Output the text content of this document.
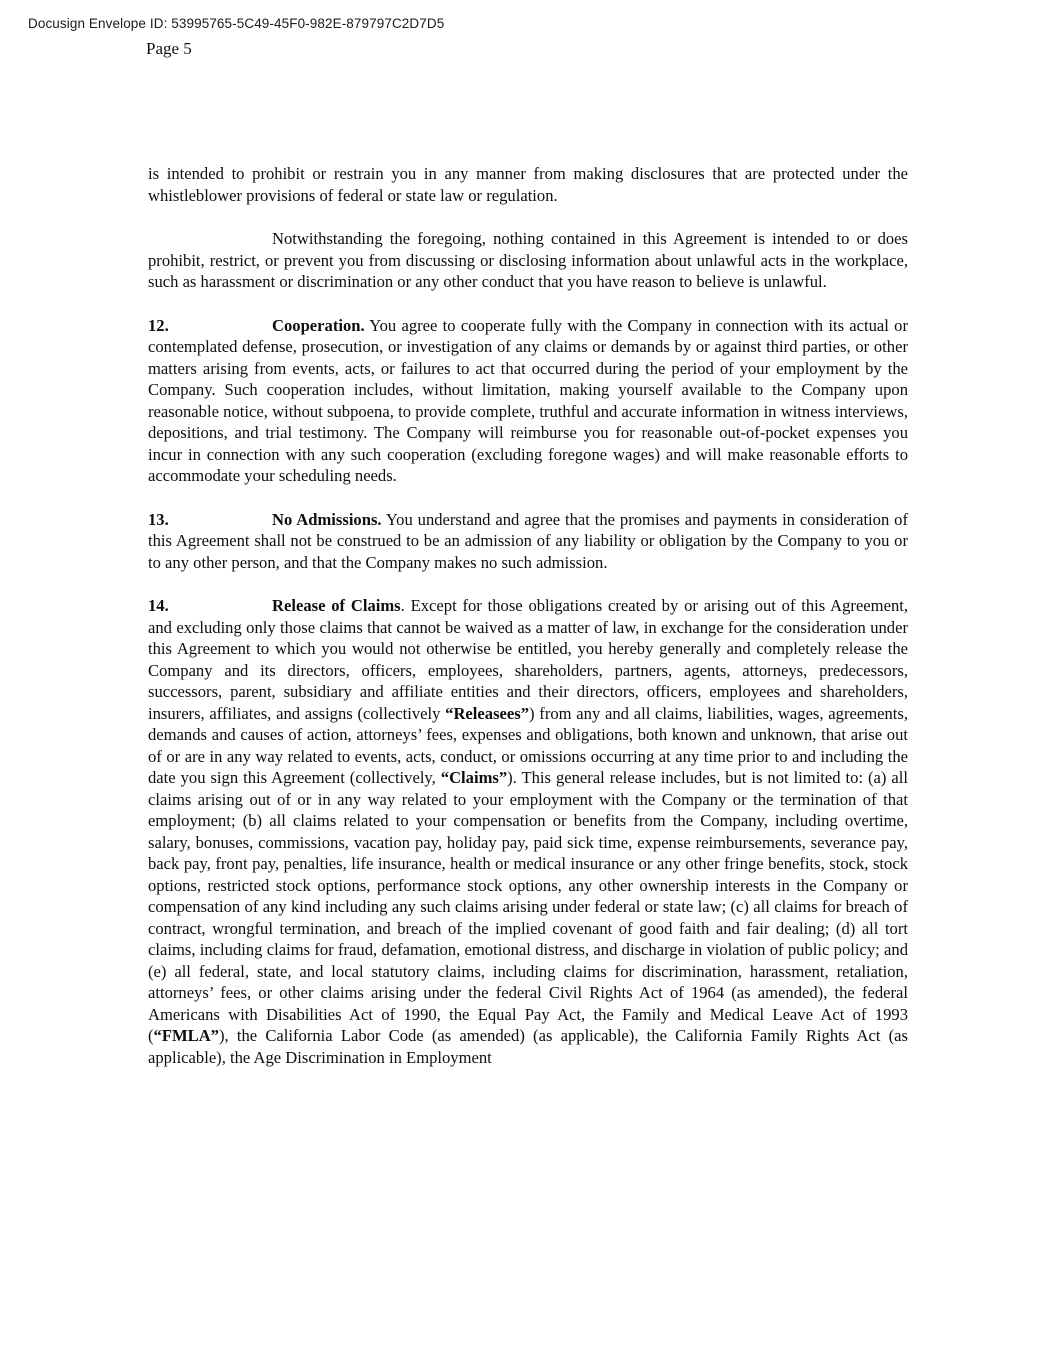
Docusign Envelope ID: 53995765-5C49-45F0-982E-879797C2D7D5
Page 5

is intended to prohibit or restrain you in any manner from making disclosures that are protected under the whistleblower provisions of federal or state law or regulation.

Notwithstanding the foregoing, nothing contained in this Agreement is intended to or does prohibit, restrict, or prevent you from discussing or disclosing information about unlawful acts in the workplace, such as harassment or discrimination or any other conduct that you have reason to believe is unlawful.

12.	Cooperation. You agree to cooperate fully with the Company in connection with its actual or contemplated defense, prosecution, or investigation of any claims or demands by or against third parties, or other matters arising from events, acts, or failures to act that occurred during the period of your employment by the Company. Such cooperation includes, without limitation, making yourself available to the Company upon reasonable notice, without subpoena, to provide complete, truthful and accurate information in witness interviews, depositions, and trial testimony. The Company will reimburse you for reasonable out-of-pocket expenses you incur in connection with any such cooperation (excluding foregone wages) and will make reasonable efforts to accommodate your scheduling needs.

13.	No Admissions. You understand and agree that the promises and payments in consideration of this Agreement shall not be construed to be an admission of any liability or obligation by the Company to you or to any other person, and that the Company makes no such admission.

14.	Release of Claims. Except for those obligations created by or arising out of this Agreement, and excluding only those claims that cannot be waived as a matter of law, in exchange for the consideration under this Agreement to which you would not otherwise be entitled, you hereby generally and completely release the Company and its directors, officers, employees, shareholders, partners, agents, attorneys, predecessors, successors, parent, subsidiary and affiliate entities and their directors, officers, employees and shareholders, insurers, affiliates, and assigns (collectively “Releasees”) from any and all claims, liabilities, wages, agreements, demands and causes of action, attorneys’ fees, expenses and obligations, both known and unknown, that arise out of or are in any way related to events, acts, conduct, or omissions occurring at any time prior to and including the date you sign this Agreement (collectively, “Claims”). This general release includes, but is not limited to: (a) all claims arising out of or in any way related to your employment with the Company or the termination of that employment; (b) all claims related to your compensation or benefits from the Company, including overtime, salary, bonuses, commissions, vacation pay, holiday pay, paid sick time, expense reimbursements, severance pay, back pay, front pay, penalties, life insurance, health or medical insurance or any other fringe benefits, stock, stock options, restricted stock options, performance stock options, any other ownership interests in the Company or compensation of any kind including any such claims arising under federal or state law; (c) all claims for breach of contract, wrongful termination, and breach of the implied covenant of good faith and fair dealing; (d) all tort claims, including claims for fraud, defamation, emotional distress, and discharge in violation of public policy; and (e) all federal, state, and local statutory claims, including claims for discrimination, harassment, retaliation, attorneys’ fees, or other claims arising under the federal Civil Rights Act of 1964 (as amended), the federal Americans with Disabilities Act of 1990, the Equal Pay Act, the Family and Medical Leave Act of 1993 (“FMLA”), the California Labor Code (as amended) (as applicable), the California Family Rights Act (as applicable), the Age Discrimination in Employment
